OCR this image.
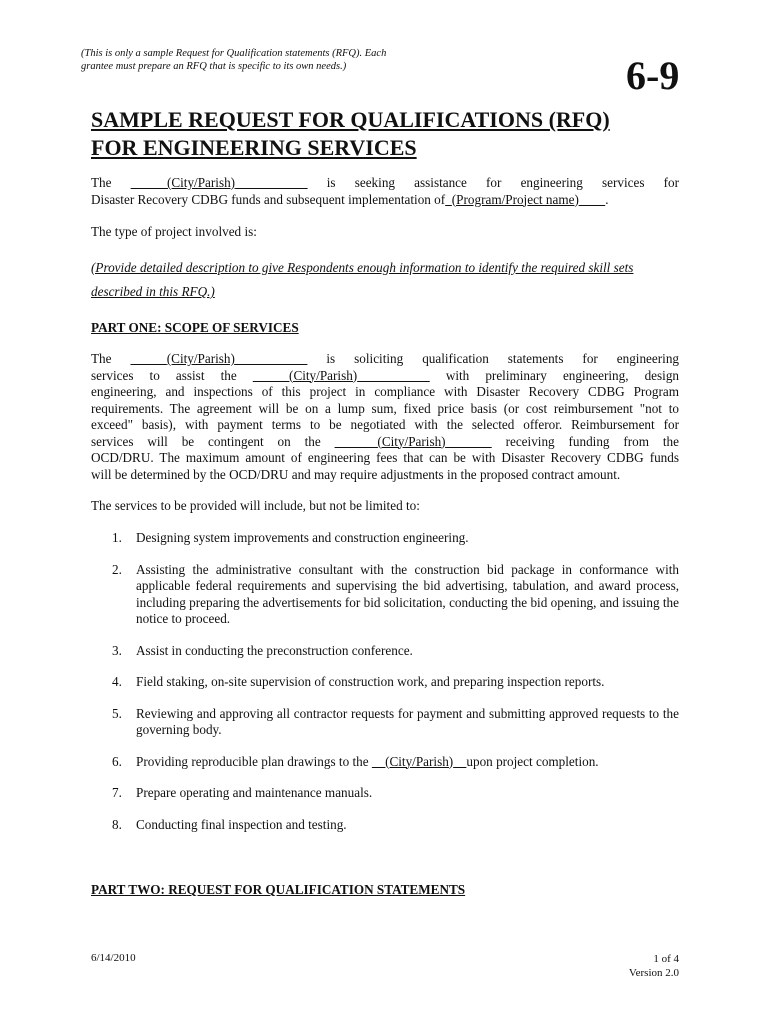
(This is only a sample Request for Qualification statements (RFQ). Each grantee must prepare an RFQ that is specific to its own needs.)	6-9
SAMPLE REQUEST FOR QUALIFICATIONS (RFQ)
FOR ENGINEERING SERVICES
The	(City/Parish)	is seeking assistance for engineering services for
Disaster Recovery CDBG funds and subsequent implementation of (Program/Project name) .
The type of project involved is:
(Provide detailed description to give Respondents enough information to identify the required skill sets
described in this RFQ.)
PART ONE: SCOPE OF SERVICES
The	(City/Parish)	is soliciting qualification statements for engineering
services to assist the	(City/Parish)	with preliminary engineering, design
engineering, and inspections of this project in compliance with Disaster Recovery CDBG Program
requirements. The agreement will be on a lump sum, fixed price basis (or cost reimbursement "not to
exceed" basis), with payment terms to be negotiated with the selected offeror. Reimbursement for
services will be contingent on the	(City/Parish)	receiving funding from the
OCD/DRU. The maximum amount of engineering fees that can be with Disaster Recovery CDBG funds
will be determined by the OCD/DRU and may require adjustments in the proposed contract amount.
The services to be provided will include, but not be limited to:
1. Designing system improvements and construction engineering.
2. Assisting the administrative consultant with the construction bid package in conformance with applicable federal requirements and supervising the bid advertising, tabulation, and award process, including preparing the advertisements for bid solicitation, conducting the bid opening, and issuing the notice to proceed.
3. Assist in conducting the preconstruction conference.
4. Field staking, on-site supervision of construction work, and preparing inspection reports.
5. Reviewing and approving all contractor requests for payment and submitting approved requests to the governing body.
6. Providing reproducible plan drawings to the (City/Parish) upon project completion.
7. Prepare operating and maintenance manuals.
8. Conducting final inspection and testing.
PART TWO: REQUEST FOR QUALIFICATION STATEMENTS
6/14/2010	1 of 4
Version 2.0
